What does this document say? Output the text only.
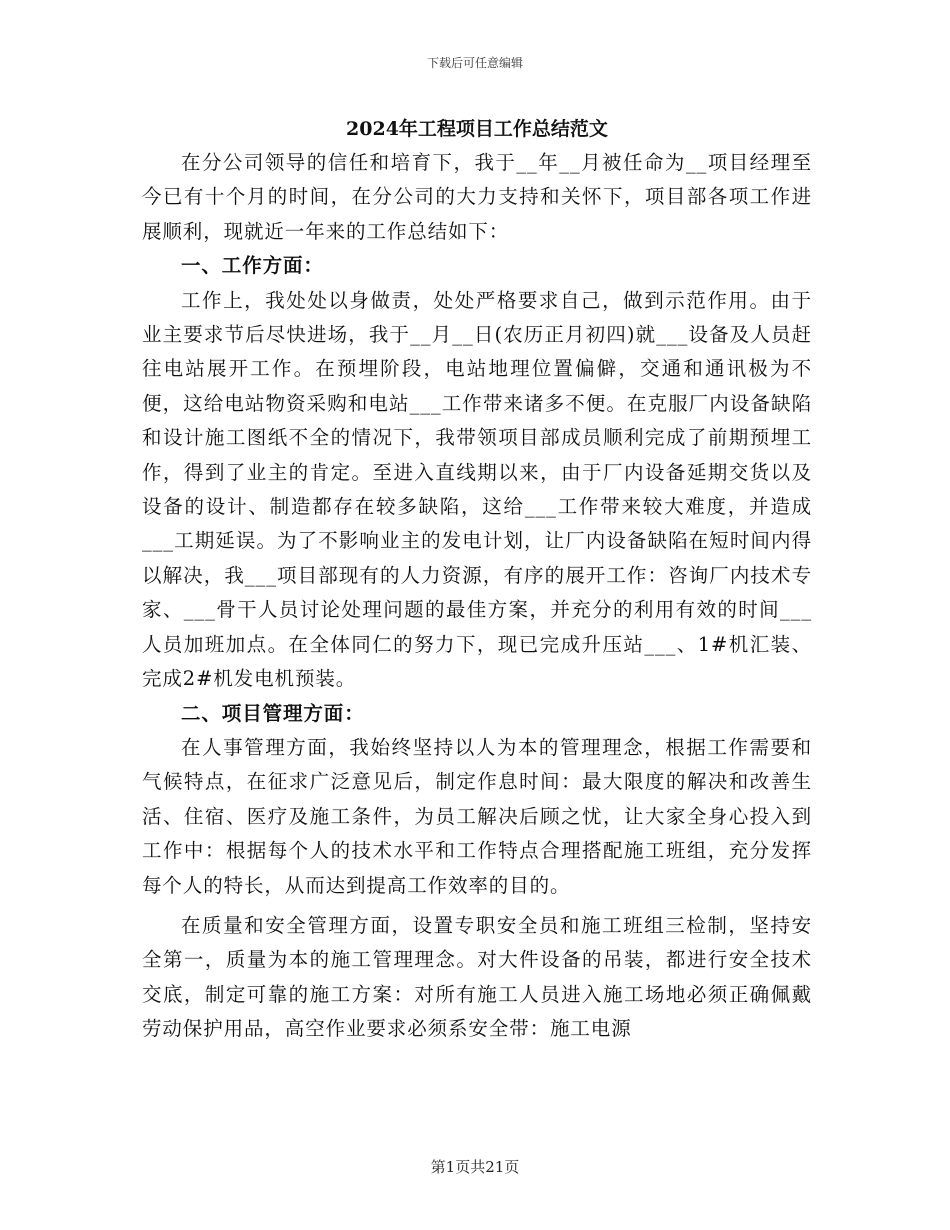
下载后可任意编辑
2024年工程项目工作总结范文

在分公司领导的信任和培育下，我于__年__月被任命为__项目经理至今已有十个月的时间，在分公司的大力支持和关怀下，项目部各项工作进展顺利，现就近一年来的工作总结如下：

一、工作方面：

工作上，我处处以身做责，处处严格要求自己，做到示范作用。由于业主要求节后尽快进场，我于__月__日(农历正月初四)就___设备及人员赶往电站展开工作。在预埋阶段，电站地理位置偏僻，交通和通讯极为不便，这给电站物资采购和电站___工作带来诸多不便。在克服厂内设备缺陷和设计施工图纸不全的情况下，我带领项目部成员顺利完成了前期预埋工作，得到了业主的肯定。至进入直线期以来，由于厂内设备延期交货以及设备的设计、制造都存在较多缺陷，这给___工作带来较大难度，并造成___工期延误。为了不影响业主的发电计划，让厂内设备缺陷在短时间内得以解决，我___项目部现有的人力资源，有序的展开工作：咨询厂内技术专家、___骨干人员讨论处理问题的最佳方案，并充分的利用有效的时间___人员加班加点。在全体同仁的努力下，现已完成升压站___、1#机汇装、完成2#机发电机预装。

二、项目管理方面：

在人事管理方面，我始终坚持以人为本的管理理念，根据工作需要和气候特点，在征求广泛意见后，制定作息时间：最大限度的解决和改善生活、住宿、医疗及施工条件，为员工解决后顾之忧，让大家全身心投入到工作中：根据每个人的技术水平和工作特点合理搭配施工班组，充分发挥每个人的特长，从而达到提高工作效率的目的。

在质量和安全管理方面，设置专职安全员和施工班组三检制，坚持安全第一，质量为本的施工管理理念。对大件设备的吊装，都进行安全技术交底，制定可靠的施工方案：对所有施工人员进入施工场地必须正确佩戴劳动保护用品，高空作业要求必须系安全带：施工电源

第1页共21页
